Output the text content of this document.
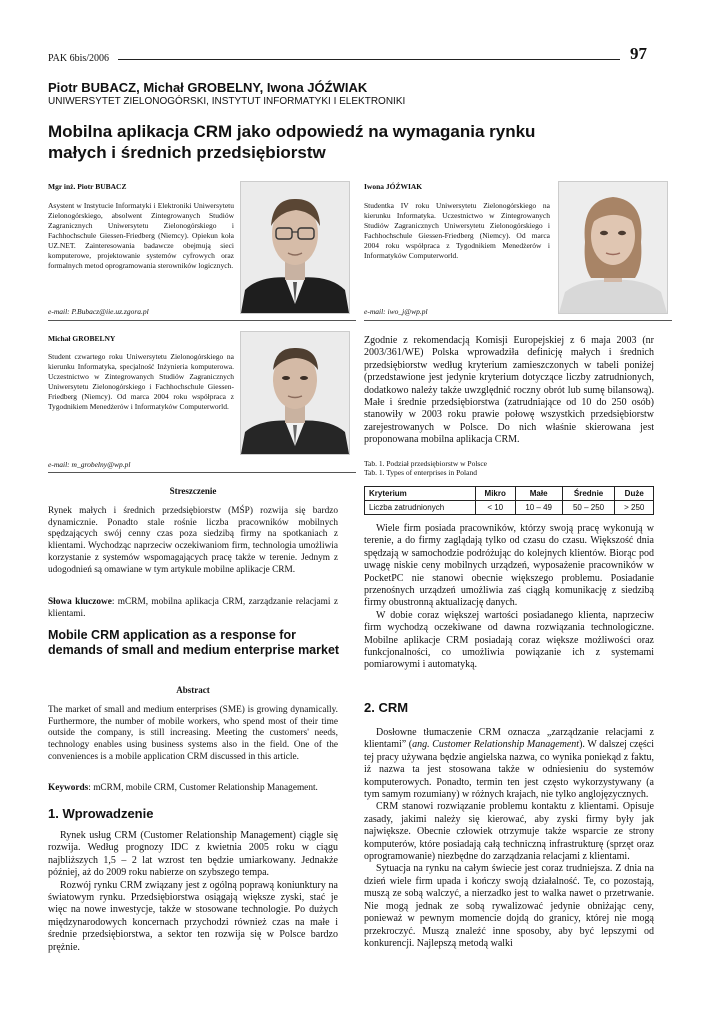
PAK 6bis/2006	97
Piotr BUBACZ, Michał GROBELNY, Iwona JÓŹWIAK
UNIWERSYTET ZIELONOGÓRSKI, INSTYTUT INFORMATYKI I ELEKTRONIKI
Mobilna aplikacja CRM jako odpowiedź na wymagania rynku
małych i średnich przedsiębiorstw
Mgr inż. Piotr BUBACZ
Asystent w Instytucie Informatyki i Elektroniki Uniwersytetu Zielonogórskiego, absolwent Zintegrowanych Studiów Zagranicznych Uniwersytetu Zielonogórskiego i Fachhochschule Giessen-Friedberg (Niemcy). Opiekun koła UZ.NET. Zainteresowania badawcze obejmują sieci komputerowe, projektowanie systemów cyfrowych oraz formalnych metod oprogramowania sterowników logicznych.
e-mail: P.Bubacz@iie.uz.zgora.pl
Iwona JÓŹWIAK
Studentka IV roku Uniwersytetu Zielonogórskiego na kierunku Informatyka. Uczestnictwo w Zintegrowanych Studiów Zagranicznych Uniwersytetu Zielonogórskiego i Fachhochschule Giessen-Friedberg (Niemcy). Od marca 2004 roku współpraca z Tygodnikiem Menedżerów i Informatyków Computerworld.
e-mail: iwo_j@wp.pl
Michał GROBELNY
Student czwartego roku Uniwersytetu Zielonogórskiego na kierunku Informatyka, specjalność Inżynieria komputerowa. Uczestnictwo w Zintegrowanych Studiów Zagranicznych Uniwersytetu Zielonogórskiego i Fachhochschule Giessen-Friedberg (Niemcy). Od marca 2004 roku współpraca z Tygodnikiem Menedżerów i Informatyków Computerworld.
e-mail: m_grobelny@wp.pl
Streszczenie
Rynek małych i średnich przedsiębiorstw (MŚP) rozwija się bardzo dynamicznie. Ponadto stale rośnie liczba pracowników mobilnych spędzających swój cenny czas poza siedzibą firmy na spotkaniach z klientami. Wychodząc naprzeciw oczekiwaniom firm, technologia umożliwia korzystanie z systemów wspomagających pracę także w terenie. Jednym z udogodnień są omawiane w tym artykule mobilne aplikacje CRM.
Słowa kluczowe: mCRM, mobilna aplikacja CRM, zarządzanie relacjami z klientami.
Mobile CRM application as a response for demands of small and medium enterprise market
Abstract
The market of small and medium enterprises (SME) is growing dynamically. Furthermore, the number of mobile workers, who spend most of their time outside the company, is still increasing. Meeting the customers' needs, technology enables using business systems also in the field. One of the conveniences is a mobile application CRM discussed in this article.
Keywords: mCRM, mobile CRM, Customer Relationship Management.
1. Wprowadzenie

Rynek usług CRM (Customer Relationship Management) ciągle się rozwija. Według prognozy IDC z kwietnia 2005 roku w ciągu najbliższych 1,5 – 2 lat wzrost ten będzie umiarkowany. Jednakże później, aż do 2009 roku nabierze on szybszego tempa.

Rozwój rynku CRM związany jest z ogólną poprawą koniunktury na światowym rynku. Przedsiębiorstwa osiągają większe zyski, stać je więc na nowe inwestycje, także w stosowane technologie. Po dużych międzynarodowych koncernach przychodzi również czas na małe i średnie przedsiębiorstwa, a sektor ten rozwija się w Polsce bardzo prężnie.

Zgodnie z rekomendacją Komisji Europejskiej z 6 maja 2003 (nr 2003/361/WE) Polska wprowadziła definicję małych i średnich przedsiębiorstw według kryterium zamieszczonych w tabeli poniżej (przedstawione jest jedynie kryterium dotyczące liczby zatrudnionych, dodatkowo należy także uwzględnić roczny obrót lub sumę bilansową). Małe i średnie przedsiębiorstwa (zatrudniające od 10 do 250 osób) stanowiły w 2003 roku prawie połowę wszystkich przedsiębiorstw zarejestrowanych w Polsce. Do nich właśnie skierowana jest proponowana mobilna aplikacja CRM.
Tab. 1. Podział przedsiębiorstw w Polsce
Tab. 1. Types of enterprises in Poland
Kryterium	Mikro	Małe	Średnie	Duże
Liczba zatrudnionych	< 10	10 – 49	50 – 250	> 250

Wiele firm posiada pracowników, którzy swoją pracę wykonują w terenie, a do firmy zaglądają tylko od czasu do czasu. Większość dnia spędzają w samochodzie podróżując do kolejnych klientów. Biorąc pod uwagę niskie ceny mobilnych urządzeń, wyposażenie pracowników w PocketPC nie stanowi obecnie większego problemu. Posiadanie przenośnych urządzeń umożliwia zaś ciągłą komunikację z siedzibą firmy obustronną aktualizację danych.

W dobie coraz większej wartości posiadanego klienta, naprzeciw firm wychodzą oczekiwane od dawna rozwiązania technologiczne. Mobilne aplikacje CRM posiadają coraz większe możliwości oraz funkcjonalności, co umożliwia powiązanie ich z systemami pomiarowymi i automatyką.

2. CRM

Dosłowne tłumaczenie CRM oznacza „zarządzanie relacjami z klientami” (ang. Customer Relationship Management). W dalszej części tej pracy używana będzie angielska nazwa, co wynika poniekąd z faktu, iż nazwa ta jest stosowana także w odniesieniu do systemów komputerowych. Ponadto, termin ten jest często wykorzystywany (a tym samym rozumiany) w różnych krajach, nie tylko anglojęzycznych.

CRM stanowi rozwiązanie problemu kontaktu z klientami. Opisuje zasady, jakimi należy się kierować, aby zyski firmy były jak największe. Obecnie człowiek otrzymuje także wsparcie ze strony komputerów, które posiadają całą techniczną infrastrukturę (sprzęt oraz oprogramowanie) niezbędne do zarządzania relacjami z klientami.

Sytuacja na rynku na całym świecie jest coraz trudniejsza. Z dnia na dzień wiele firm upada i kończy swoją działalność. Te, co pozostają, muszą ze sobą walczyć, a nierzadko jest to walka nawet o przetrwanie. Nie mogą jednak ze sobą rywalizować jedynie obniżając ceny, ponieważ w pewnym momencie dojdą do granicy, której nie mogą przekroczyć. Muszą znaleźć inne sposoby, aby być lepszymi od konkurencji. Najlepszą metodą walki
